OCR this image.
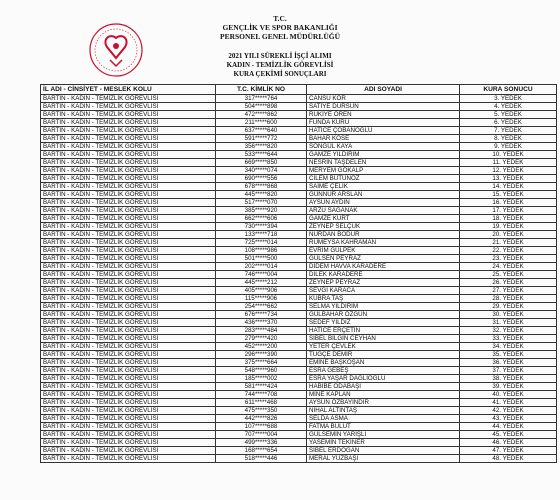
T.C.
GENÇLİK VE SPOR BAKANLIĞI
PERSONEL GENEL MÜDÜRLÜĞÜ
2021 YILI SÜREKLİ İŞÇİ ALIMI
KADIN - TEMİZLİK GÖREVLİSİ
KURA ÇEKİMİ SONUÇLARI
İL ADI - CİNSİYET - MESLEK KOLU	T.C. KİMLİK NO	ADI SOYADI	KURA SONUCU
BARTIN - KADIN - TEMİZLİK GÖREVLİSİ	317*****764	CANSU KÖR	3. YEDEK
BARTIN - KADIN - TEMİZLİK GÖREVLİSİ	504*****898	SATİYE DURSUN	4. YEDEK
BARTIN - KADIN - TEMİZLİK GÖREVLİSİ	472*****862	RUKİYE ÖREN	5. YEDEK
BARTIN - KADIN - TEMİZLİK GÖREVLİSİ	211*****600	FUNDA KURU	6. YEDEK
BARTIN - KADIN - TEMİZLİK GÖREVLİSİ	637*****640	HATİCE ÇOBANOĞLU	7. YEDEK
BARTIN - KADIN - TEMİZLİK GÖREVLİSİ	591*****772	BAHAR KÖSE	8. YEDEK
BARTIN - KADIN - TEMİZLİK GÖREVLİSİ	356*****820	SONGÜL KAYA	9. YEDEK
BARTIN - KADIN - TEMİZLİK GÖREVLİSİ	533*****644	GAMZE YILDIRIM	10. YEDEK
BARTIN - KADIN - TEMİZLİK GÖREVLİSİ	669*****850	NESRİN TAŞDELEN	11. YEDEK
BARTIN - KADIN - TEMİZLİK GÖREVLİSİ	340*****074	MERYEM GÖKALP	12. YEDEK
BARTIN - KADIN - TEMİZLİK GÖREVLİSİ	690*****556	CİLEM BÜTÜNÖZ	13. YEDEK
BARTIN - KADIN - TEMİZLİK GÖREVLİSİ	678*****868	SAİME ÇELİK	14. YEDEK
BARTIN - KADIN - TEMİZLİK GÖREVLİSİ	445*****820	GÜNNUR ARSLAN	15. YEDEK
BARTIN - KADIN - TEMİZLİK GÖREVLİSİ	517*****070	AYSUN AYDIN	16. YEDEK
BARTIN - KADIN - TEMİZLİK GÖREVLİSİ	385*****920	ARZU SAĞANAK	17. YEDEK
BARTIN - KADIN - TEMİZLİK GÖREVLİSİ	662*****606	GAMZE KURT	18. YEDEK
BARTIN - KADIN - TEMİZLİK GÖREVLİSİ	730*****394	ZEYNEP SELÇUK	19. YEDEK
BARTIN - KADIN - TEMİZLİK GÖREVLİSİ	133*****718	NURDAN BODUR	20. YEDEK
BARTIN - KADIN - TEMİZLİK GÖREVLİSİ	725*****014	RUMEYSA KAHRAMAN	21. YEDEK
BARTIN - KADIN - TEMİZLİK GÖREVLİSİ	108*****986	EVRİM GÜLPEK	22. YEDEK
BARTIN - KADIN - TEMİZLİK GÖREVLİSİ	501*****500	GÜLSEN PEYRAZ	23. YEDEK
BARTIN - KADIN - TEMİZLİK GÖREVLİSİ	202*****014	DİDEM HAVVA KARADERE	24. YEDEK
BARTIN - KADIN - TEMİZLİK GÖREVLİSİ	746*****004	DİLEK KARADERE	25. YEDEK
BARTIN - KADIN - TEMİZLİK GÖREVLİSİ	445*****212	ZEYNEP PEYRAZ	26. YEDEK
BARTIN - KADIN - TEMİZLİK GÖREVLİSİ	405*****906	SEVGİ KARACA	27. YEDEK
BARTIN - KADIN - TEMİZLİK GÖREVLİSİ	115*****906	KÜBRA TAŞ	28. YEDEK
BARTIN - KADIN - TEMİZLİK GÖREVLİSİ	254*****662	SELMA YILDIRIM	29. YEDEK
BARTIN - KADIN - TEMİZLİK GÖREVLİSİ	676*****734	GÜLBAHAR ÖZGÜN	30. YEDEK
BARTIN - KADIN - TEMİZLİK GÖREVLİSİ	436*****370	SEDEF YILDIZ	31. YEDEK
BARTIN - KADIN - TEMİZLİK GÖREVLİSİ	283*****484	HATİCE ERÇETİN	32. YEDEK
BARTIN - KADIN - TEMİZLİK GÖREVLİSİ	279*****420	SİBEL BİLGİN CEYHAN	33. YEDEK
BARTIN - KADIN - TEMİZLİK GÖREVLİSİ	452*****200	YETER ÇEVLEK	34. YEDEK
BARTIN - KADIN - TEMİZLİK GÖREVLİSİ	296*****390	TUĞÇE DEMİR	35. YEDEK
BARTIN - KADIN - TEMİZLİK GÖREVLİSİ	375*****664	EMİNE BAŞKOŞAN	36. YEDEK
BARTIN - KADIN - TEMİZLİK GÖREVLİSİ	548*****960	ESRA GEBEŞ	37. YEDEK
BARTIN - KADIN - TEMİZLİK GÖREVLİSİ	185*****002	ESRA YAŞAR DAĞLIOĞLU	38. YEDEK
BARTIN - KADIN - TEMİZLİK GÖREVLİSİ	581*****424	HABİBE ODABAŞI	39. YEDEK
BARTIN - KADIN - TEMİZLİK GÖREVLİSİ	744*****708	MİNE KAPLAN	40. YEDEK
BARTIN - KADIN - TEMİZLİK GÖREVLİSİ	611*****468	AYSUN ÖZBAYINDIR	41. YEDEK
BARTIN - KADIN - TEMİZLİK GÖREVLİSİ	475*****350	NİHAL ALTINTAŞ	42. YEDEK
BARTIN - KADIN - TEMİZLİK GÖREVLİSİ	442*****826	SELDA ASMA	43. YEDEK
BARTIN - KADIN - TEMİZLİK GÖREVLİSİ	107*****688	FATMA BULUT	44. YEDEK
BARTIN - KADIN - TEMİZLİK GÖREVLİSİ	707*****004	GÜLSEMİN YARIŞLI	45. YEDEK
BARTIN - KADIN - TEMİZLİK GÖREVLİSİ	499*****336	YASEMİN TEKİNER	46. YEDEK
BARTIN - KADIN - TEMİZLİK GÖREVLİSİ	168*****654	SİBEL ERDOĞAN	47. YEDEK
BARTIN - KADIN - TEMİZLİK GÖREVLİSİ	518*****446	MERAL YÜZBAŞI	48. YEDEK
